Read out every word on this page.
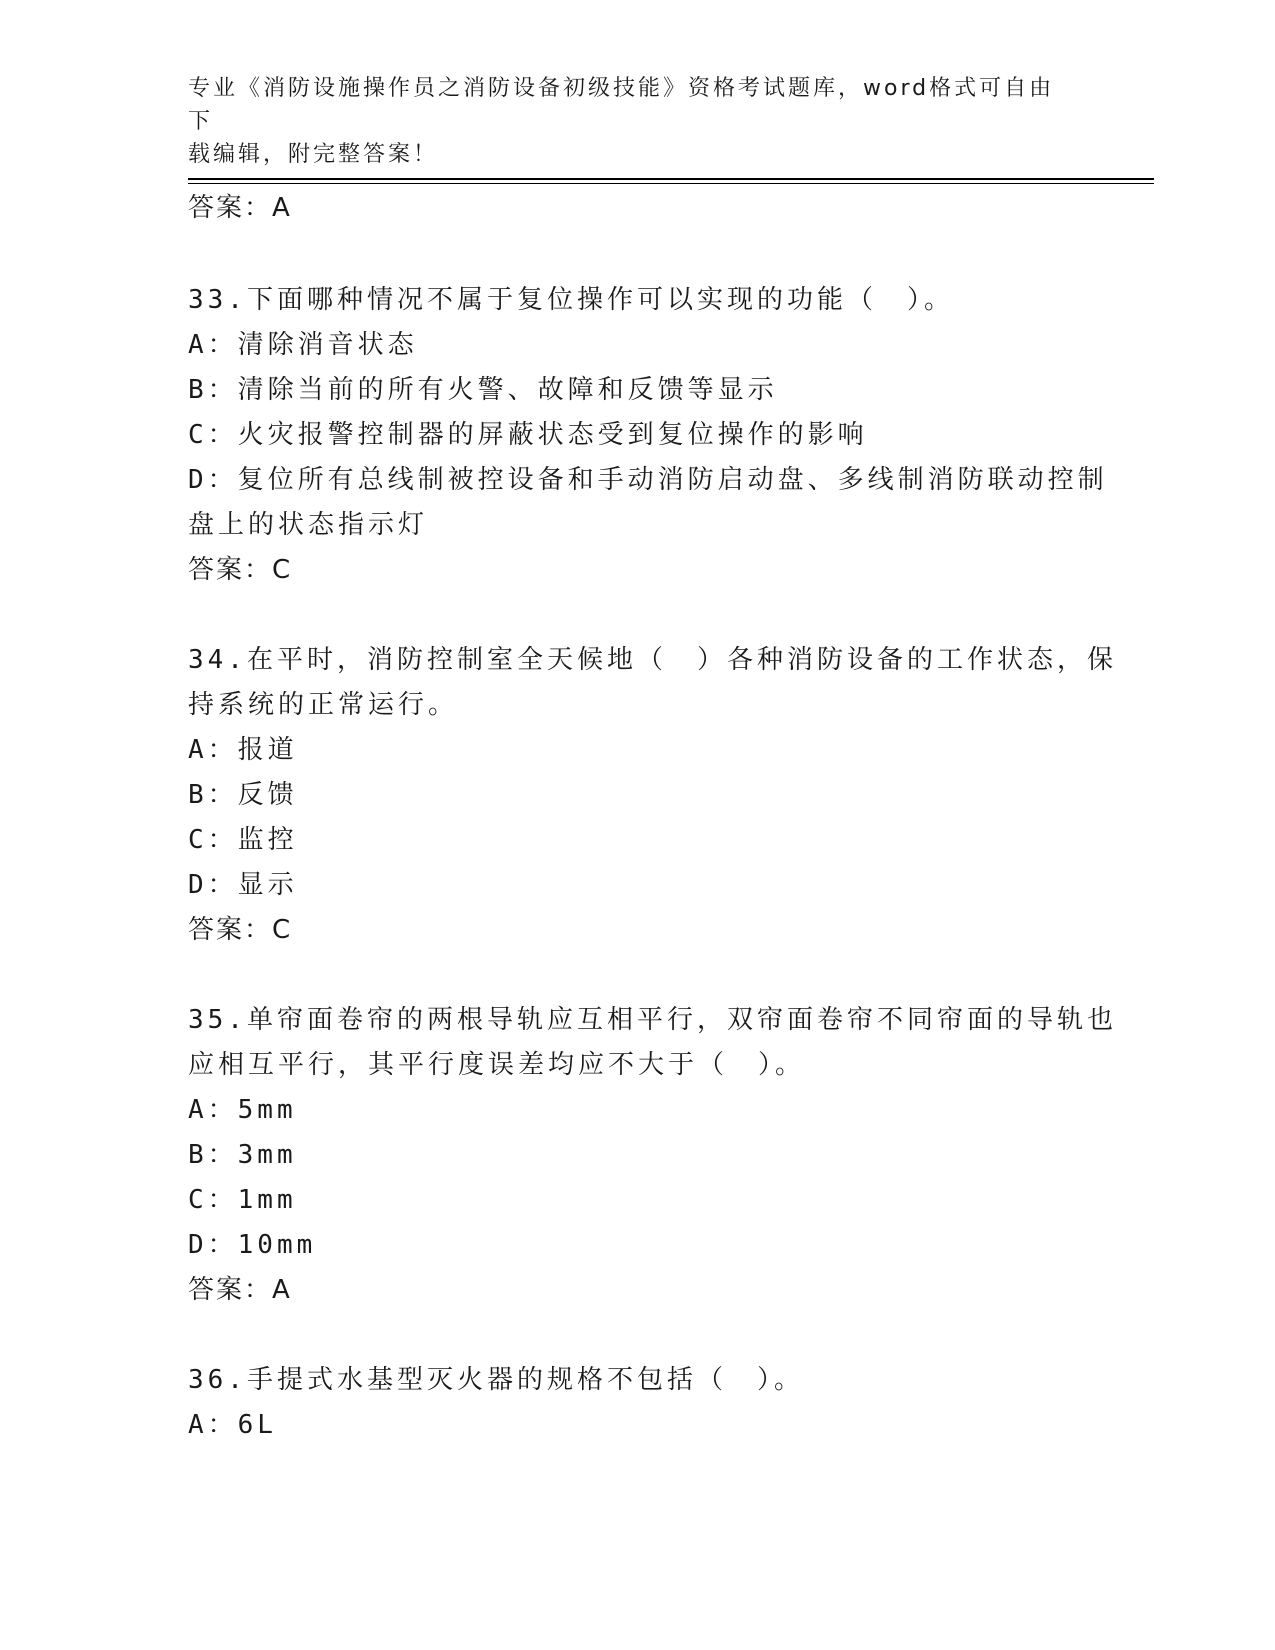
专业《消防设施操作员之消防设备初级技能》资格考试题库，word格式可自由下
载编辑，附完整答案！
答案：A
33.下面哪种情况不属于复位操作可以实现的功能（　）。
A：清除消音状态
B：清除当前的所有火警、故障和反馈等显示
C：火灾报警控制器的屏蔽状态受到复位操作的影响
D：复位所有总线制被控设备和手动消防启动盘、多线制消防联动控制
盘上的状态指示灯
答案：C
34.在平时，消防控制室全天候地（　）各种消防设备的工作状态，保
持系统的正常运行。
A：报道
B：反馈
C：监控
D：显示
答案：C
35.单帘面卷帘的两根导轨应互相平行，双帘面卷帘不同帘面的导轨也
应相互平行，其平行度误差均应不大于（　）。
A：5mm
B：3mm
C：1mm
D：10mm
答案：A
36.手提式水基型灭火器的规格不包括（　）。
A：6L
